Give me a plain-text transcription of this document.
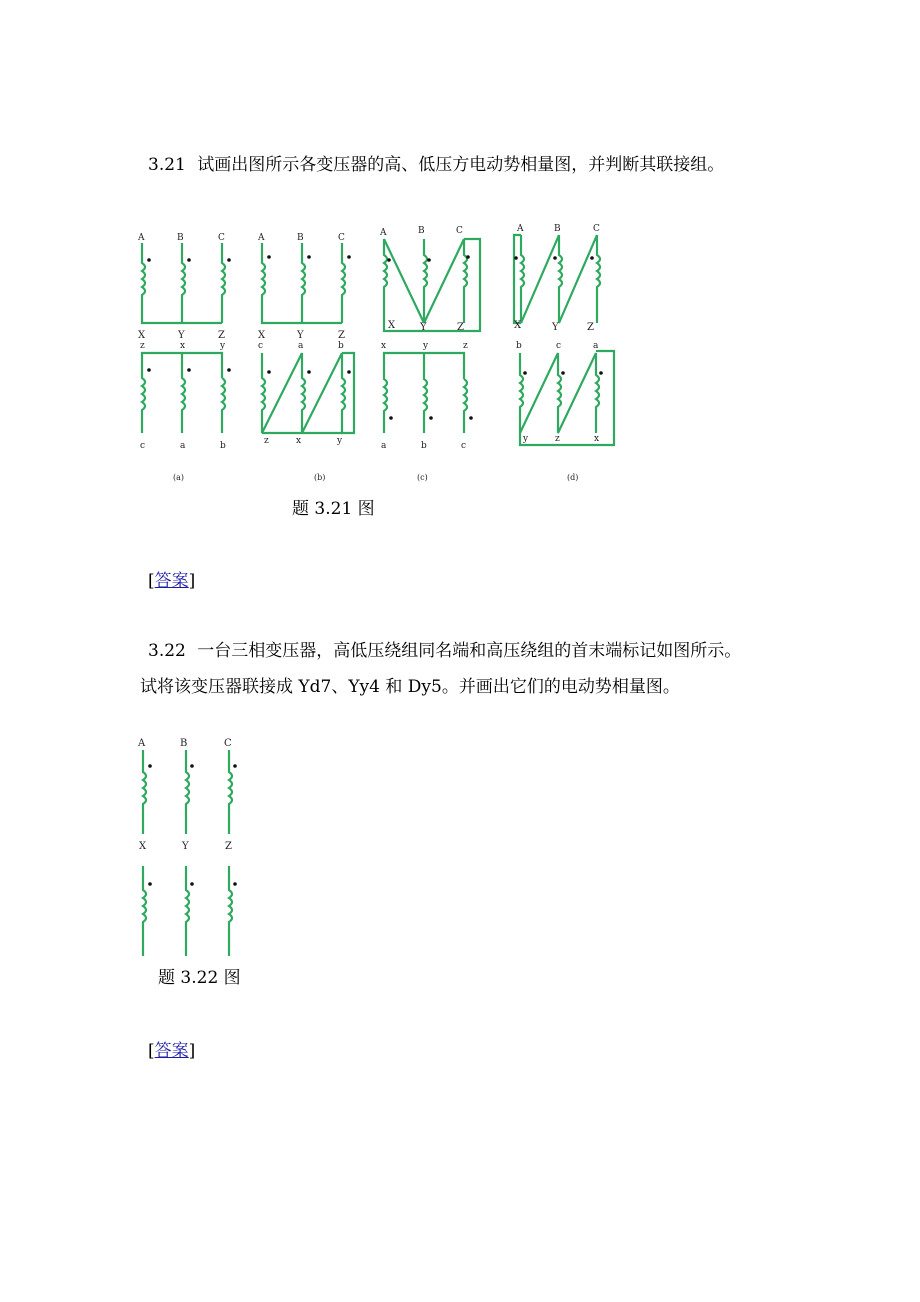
3.21 试画出图所示各变压器的高、低压方电动势相量图，并判断其联接组。
A	B	C
X	Y	Z
z	x	y
c	a	b
(a)
A	B	C
X	Y	Z
c	a	b
z	x	y
(b)
A	B	C
X Y	Z
x	y	z
a	b	c
(c)
A	B	C
X	Y	Z
b	c	a
y	z	x
(d)
题 3.21 图
[答案]
3.22 一台三相变压器，高低压绕组同名端和高压绕组的首末端标记如图所示。
试将该变压器联接成 Yd7、Yy4 和 Dy5。并画出它们的电动势相量图。
A	B	C
X	Y	Z
题 3.22 图
[答案]
